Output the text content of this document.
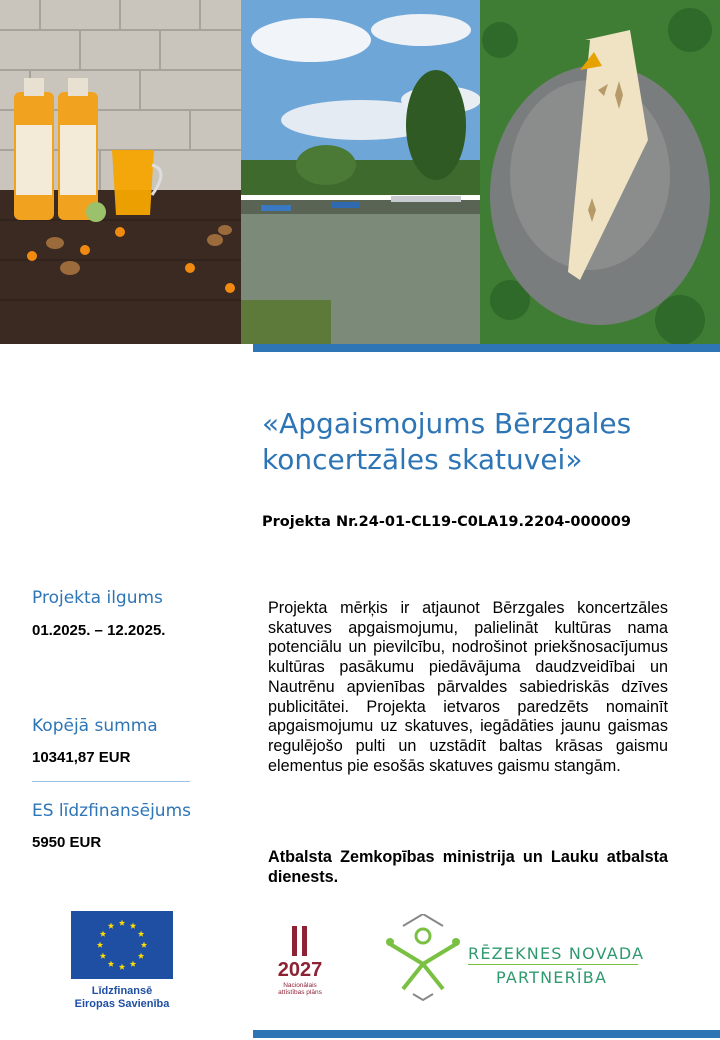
«Apgaismojums Bērzgales koncertzāles skatuvei»
Projekta Nr.24-01-CL19-C0LA19.2204-000009
Projekta ilgums
01.2025. – 12.2025.
Kopējā summa
10341,87 EUR
ES līdzfinansējums
5950 EUR

Projekta mērķis ir atjaunot Bērzgales koncertzāles skatuves apgaismojumu, palielināt kultūras nama potenciālu un pievilcību, nodrošinot priekšnosacījumus kultūras pasākumu piedāvājuma daudzveidībai un Nautrēnu apvienības pārvaldes sabiedriskās dzīves publicitātei. Projekta ietvaros paredzēts nomainīt apgaismojumu uz skatuves, iegādāties jaunu gaismas regulējošo pulti un uzstādīt baltas krāsas gaismu elementus pie esošās skatuves gaismu stangām.

Atbalsta Zemkopības ministrija un Lauku atbalsta dienests.

Līdzfinansē
Eiropas Savienība
2027
Nacionālais
attīstības plāns
RĒZEKNES NOVADA
PARTNERĪBA
